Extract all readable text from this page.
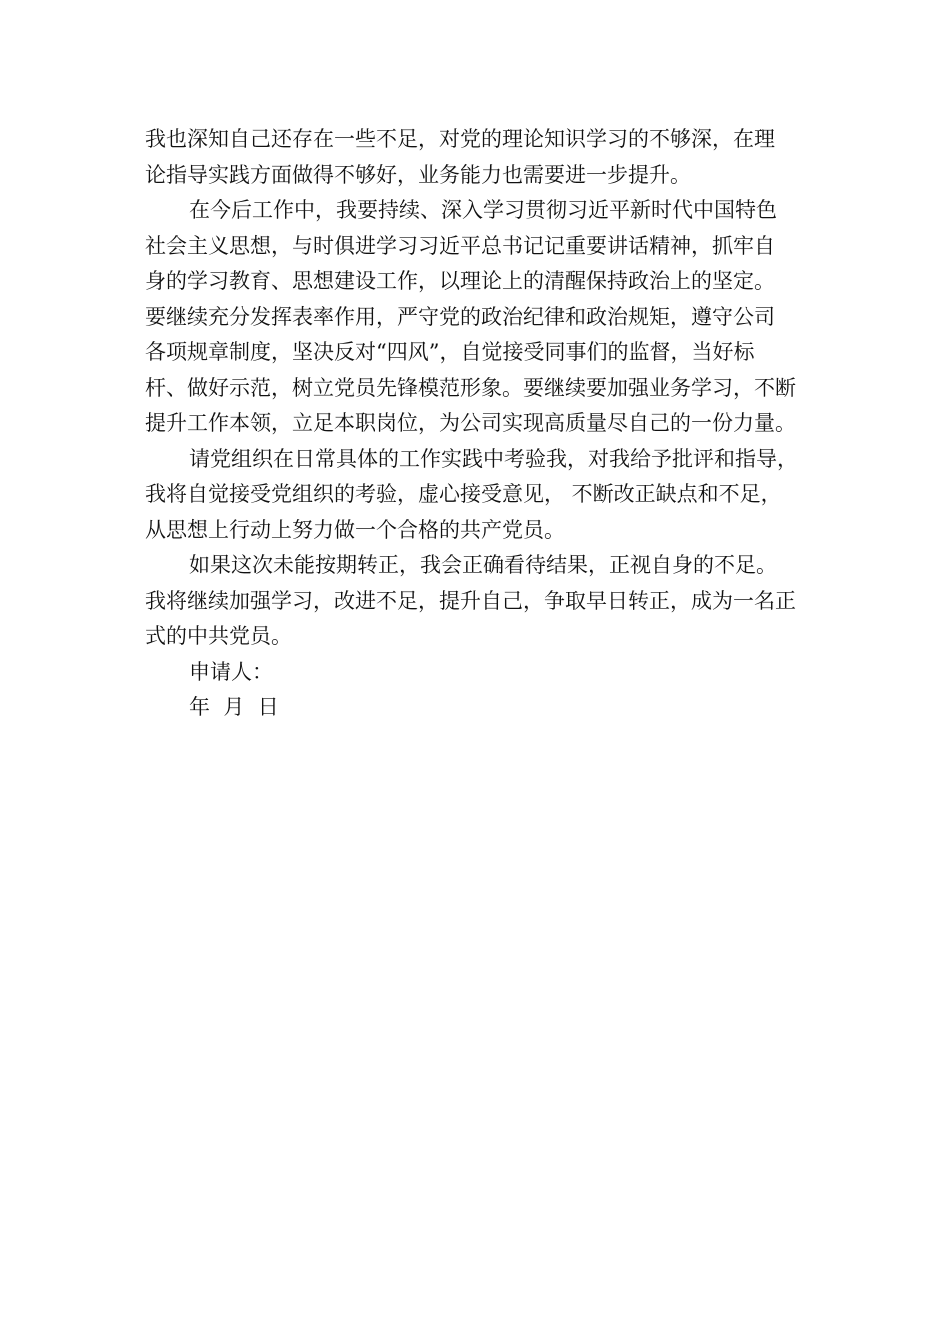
我也深知自己还存在一些不足，对党的理论知识学习的不够深，在理
论指导实践方面做得不够好，业务能力也需要进一步提升。
在今后工作中，我要持续、深入学习贯彻习近平新时代中国特色
社会主义思想，与时俱进学习习近平总书记记重要讲话精神，抓牢自
身的学习教育、思想建设工作，以理论上的清醒保持政治上的坚定。
要继续充分发挥表率作用，严守党的政治纪律和政治规矩，遵守公司
各项规章制度，坚决反对“四风”，自觉接受同事们的监督，当好标
杆、做好示范，树立党员先锋模范形象。要继续要加强业务学习，不断
提升工作本领，立足本职岗位，为公司实现高质量尽自己的一份力量。
请党组织在日常具体的工作实践中考验我，对我给予批评和指导，
我将自觉接受党组织的考验，虚心接受意见， 不断改正缺点和不足，
从思想上行动上努力做一个合格的共产党员。
如果这次未能按期转正，我会正确看待结果，正视自身的不足。
我将继续加强学习，改进不足，提升自己，争取早日转正，成为一名正
式的中共党员。
申请人：
年  月  日
